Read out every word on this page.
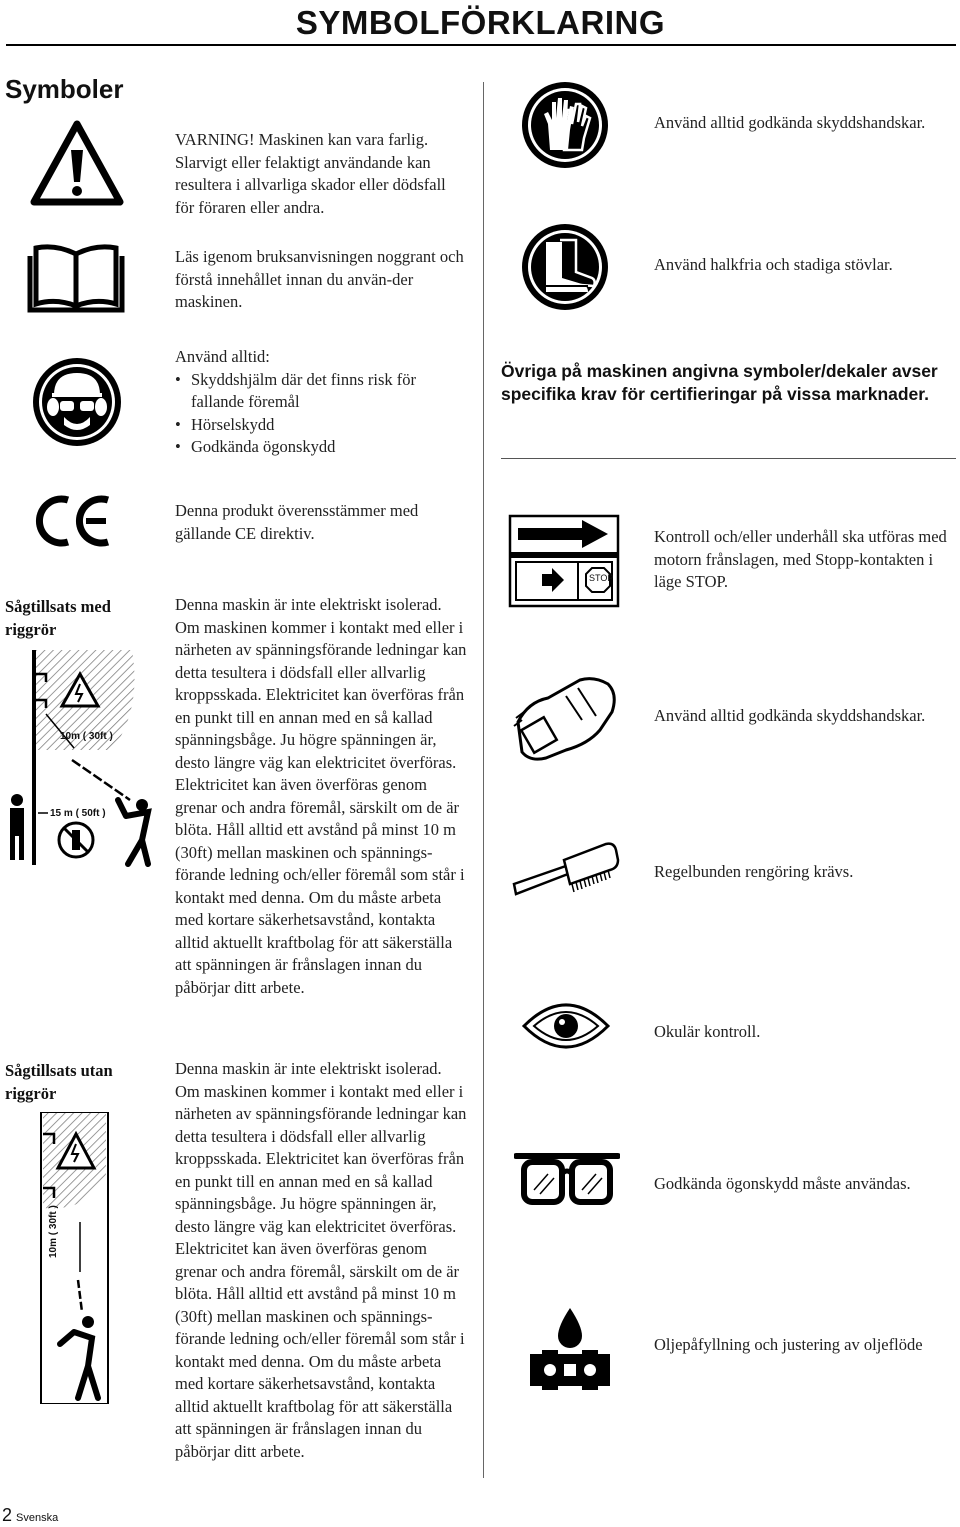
SYMBOLFÖRKLARING
Symboler
Sågtillsats med riggrör
Sågtillsats utan riggrör
10m ( 30ft )
15 m ( 50ft )
10m ( 30ft )
VARNING! Maskinen kan vara farlig. Slarvigt eller felaktigt användande kan resultera i allvarliga skador eller dödsfall för föraren eller andra.
Läs igenom bruksanvisningen noggrant och förstå innehållet innan du använ-der maskinen.
Använd alltid:
• Skyddshjälm där det finns risk för fallande föremål
• Hörselskydd
• Godkända ögonskydd
Denna produkt överensstämmer med gällande CE direktiv.
Denna maskin är inte elektriskt isolerad. Om maskinen kommer i kontakt med eller i närheten av spänningsförande ledningar kan detta tesultera i dödsfall eller allvarlig kroppsskada. Elektricitet kan överföras från en punkt till en annan med en så kallad spänningsbåge. Ju högre spänningen är, desto längre väg kan elektricitet överföras. Elektricitet kan även överföras genom grenar och andra föremål, särskilt om de är blöta. Håll alltid ett avstånd på minst 10 m (30ft) mellan maskinen och spännings-förande ledning och/eller föremål som står i kontakt med denna. Om du måste arbeta med kortare säkerhetsavstånd, kontakta alltid aktuellt kraftbolag för att säkerställa att spänningen är frånslagen innan du påbörjar ditt arbete.
Denna maskin är inte elektriskt isolerad. Om maskinen kommer i kontakt med eller i närheten av spänningsförande ledningar kan detta tesultera i dödsfall eller allvarlig kroppsskada. Elektricitet kan överföras från en punkt till en annan med en så kallad spänningsbåge. Ju högre spänningen är, desto längre väg kan elektricitet överföras. Elektricitet kan även överföras genom grenar och andra föremål, särskilt om de är blöta. Håll alltid ett avstånd på minst 10 m (30ft) mellan maskinen och spännings-förande ledning och/eller föremål som står i kontakt med denna. Om du måste arbeta med kortare säkerhetsavstånd, kontakta alltid aktuellt kraftbolag för att säkerställa att spänningen är frånslagen innan du påbörjar ditt arbete.
STOP
Använd alltid godkända skyddshandskar.
Använd halkfria och stadiga stövlar.
Övriga på maskinen angivna symboler/dekaler avser specifika krav för certifieringar på vissa marknader.
Kontroll och/eller underhåll ska utföras med motorn frånslagen, med Stopp-kontakten i läge STOP.
Använd alltid godkända skyddshandskar.
Regelbunden rengöring krävs.
Okulär kontroll.
Godkända ögonskydd måste användas.
Oljepåfyllning och justering av oljeflöde
2 Svenska
